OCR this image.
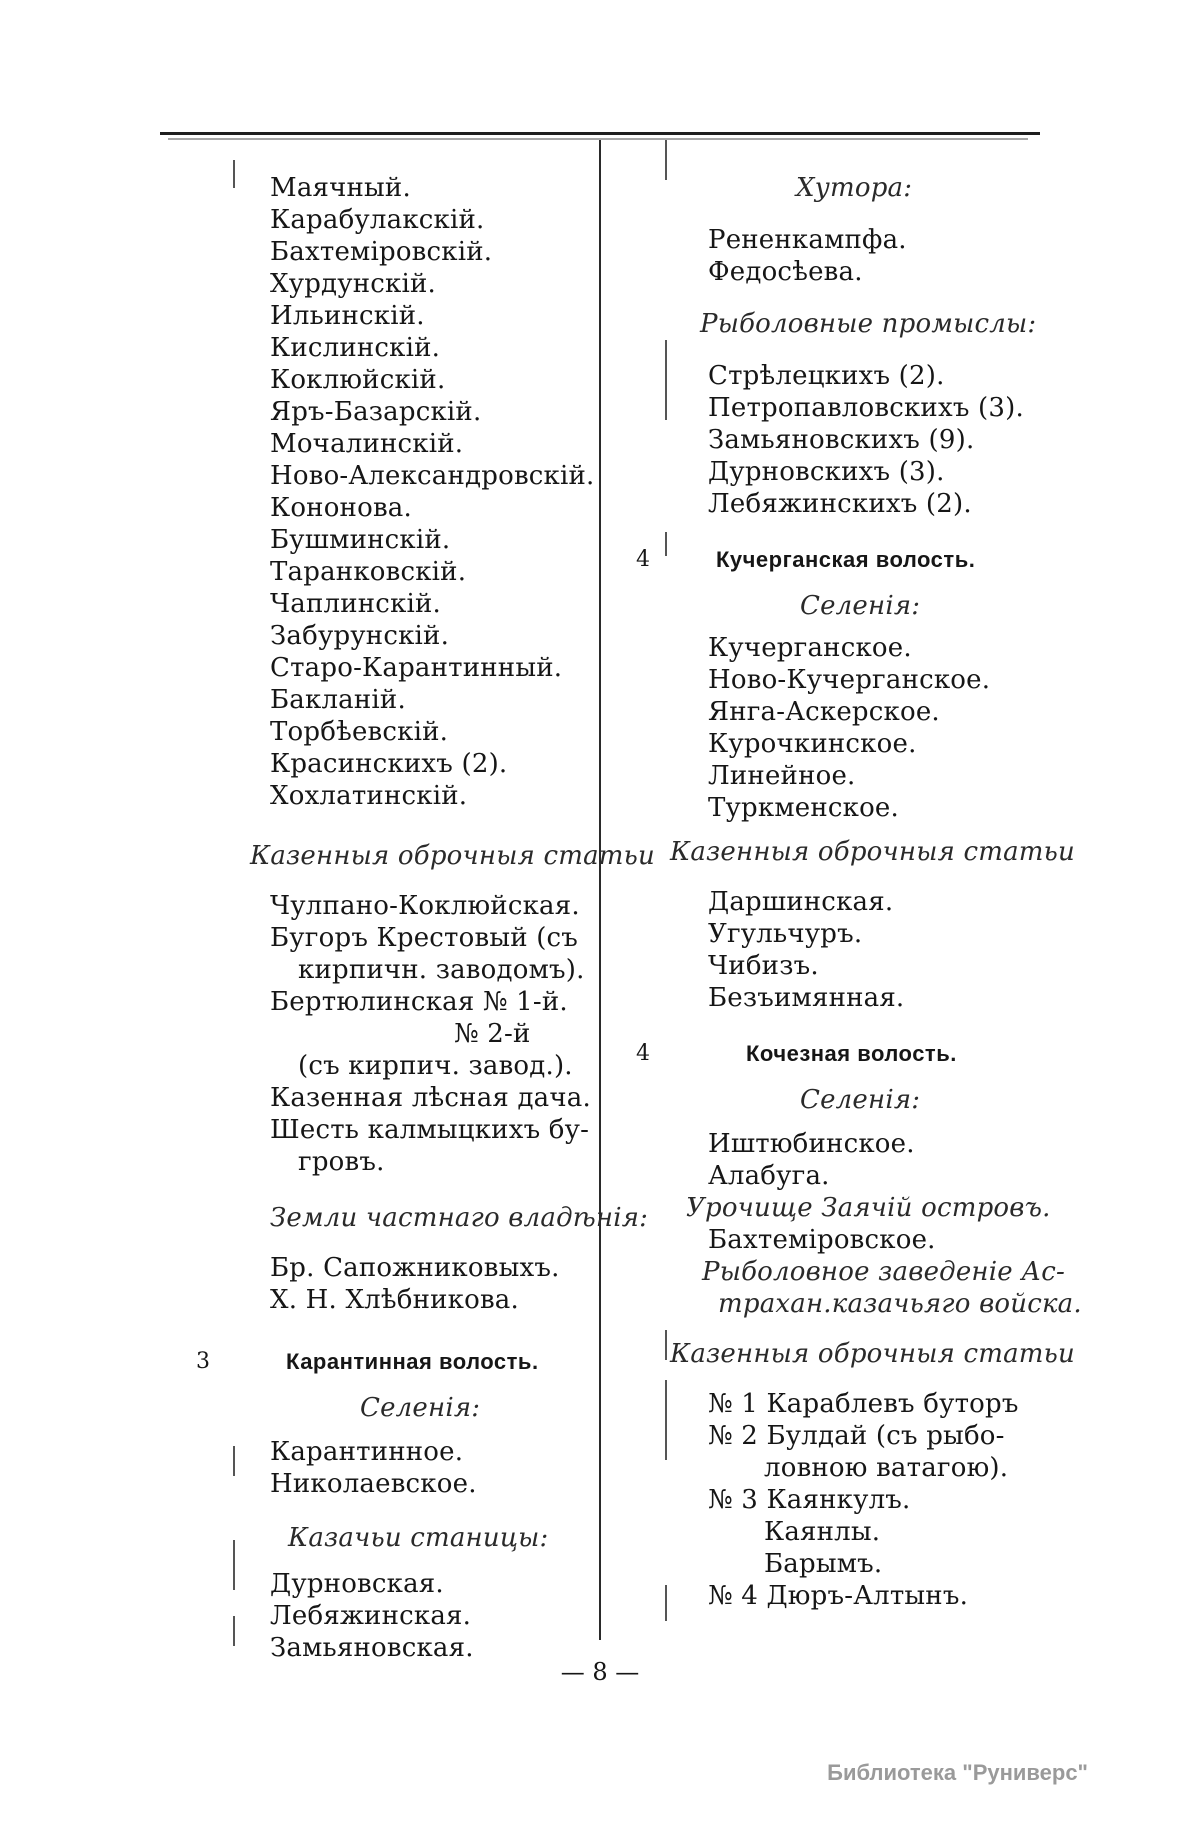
Маячный.
Карабулакскій.
Бахтеміровскій.
Хурдунскій.
Ильинскій.
Кислинскій.
Коклюйскій.
Яръ-Базарскій.
Мочалинскій.
Ново-Александровскій.
Кононова.
Бушминскій.
Таранковскій.
Чаплинскій.
Забурунскій.
Старо-Карантинный.
Бакланій.
Торбѣевскій.
Красинскихъ (2).
Хохлатинскій.
Казенныя оброчныя статьи
Чулпано-Коклюйская.
Бугоръ Крестовый (съ
кирпичн. заводомъ).
Бертюлинская № 1-й.
№ 2-й
(съ кирпич. завод.).
Казенная лѣсная дача.
Шесть калмыцкихъ бу-
гровъ.
Земли частнаго владѣнія:
Бр. Сапожниковыхъ.
Х. Н. Хлѣбникова.
3	Карантинная волость.
Селенія:
Карантинное.
Николаевское.
Казачьи станицы:
Дурновская.
Лебяжинская.
Замьяновская.
Хутора:
Рененкампфа.
Федосѣева.
Рыболовные промыслы:
Стрѣлецкихъ (2).
Петропавловскихъ (3).
Замьяновскихъ (9).
Дурновскихъ (3).
Лебяжинскихъ (2).
4	Кучерганская волость.
Селенія:
Кучерганское.
Ново-Кучерганское.
Янга-Аскерское.
Курочкинское.
Линейное.
Туркменское.
Казенныя оброчныя статьи
Даршинская.
Угульчуръ.
Чибизъ.
Безъимянная.
4	Кочезная волость.
Селенія:
Иштюбинское.
Алабуга.
Урочище Заячій островъ.
Бахтеміровское.
Рыболовное заведеніе Ас-
трахан.казачьяго войска.
Казенныя оброчныя статьи
№ 1 Караблевъ буторъ
№ 2 Булдай (съ рыбо-
ловною ватагою).
№ 3 Каянкулъ.
Каянлы.
Барымъ.
№ 4 Дюръ-Алтынъ.
— 8 —
Библиотека "Руниверс"
